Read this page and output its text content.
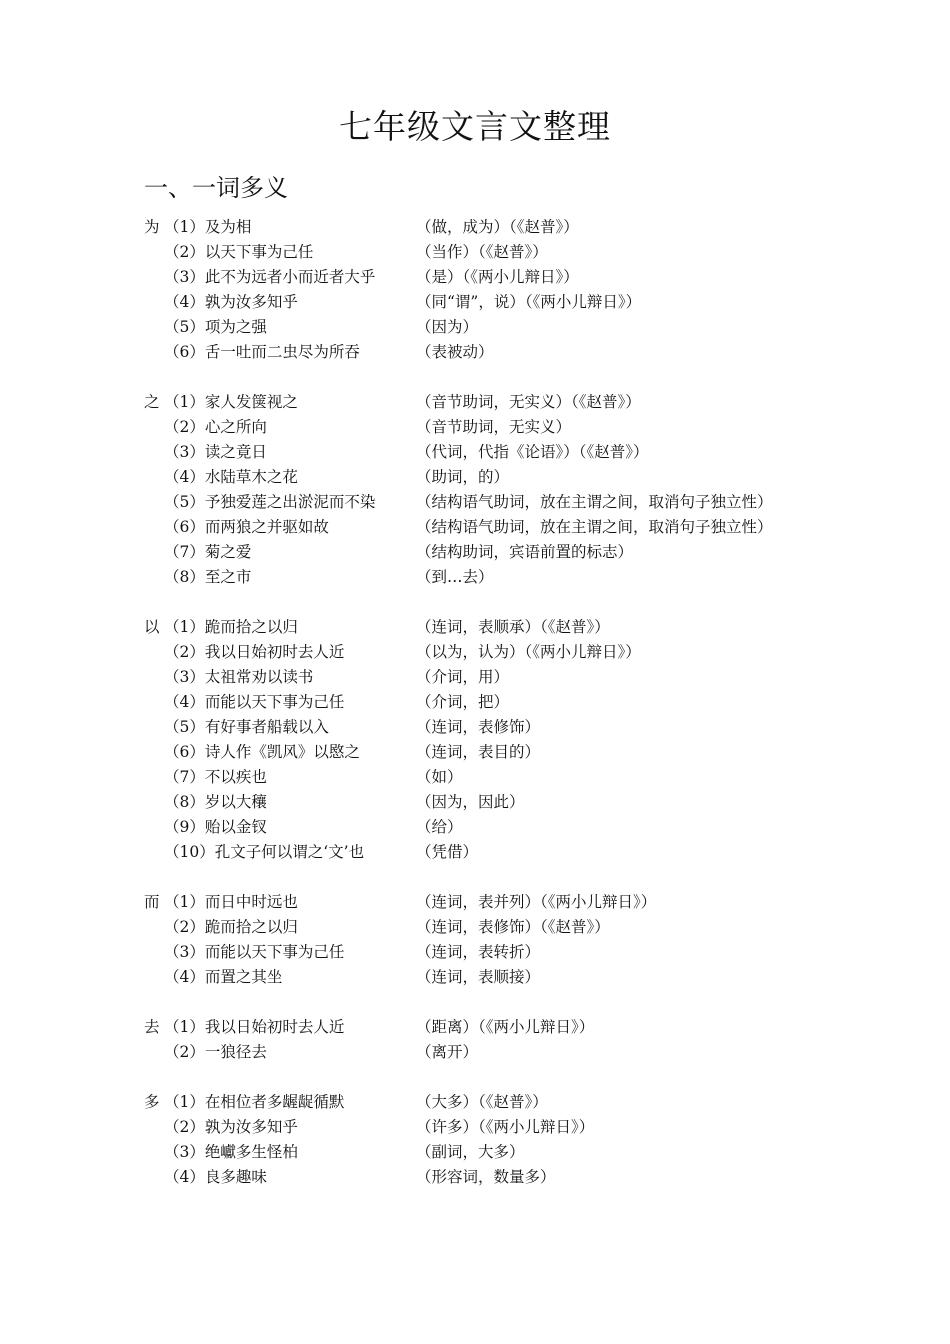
七年级文言文整理
一、一词多义
为 （1）及为相	（做，成为）（《赵普》）
（2）以天下事为己任	（当作）（《赵普》）
（3）此不为远者小而近者大乎	（是）（《两小儿辩日》）
（4）孰为汝多知乎	（同“谓”，说）（《两小儿辩日》）
（5）项为之强	（因为）
（6）舌一吐而二虫尽为所吞	（表被动）
之 （1）家人发箧视之	（音节助词，无实义）（《赵普》）
（2）心之所向	（音节助词，无实义）
（3）读之竟日	（代词，代指《论语》）（《赵普》）
（4）水陆草木之花	（助词，的）
（5）予独爱莲之出淤泥而不染	（结构语气助词，放在主谓之间，取消句子独立性）
（6）而两狼之并驱如故	（结构语气助词，放在主谓之间，取消句子独立性）
（7）菊之爱	（结构助词，宾语前置的标志）
（8）至之市	（到…去）
以 （1）跪而拾之以归	（连词，表顺承）（《赵普》）
（2）我以日始初时去人近	（以为，认为）（《两小儿辩日》）
（3）太祖常劝以读书	（介词，用）
（4）而能以天下事为己任	（介词，把）
（5）有好事者船载以入	（连词，表修饰）
（6）诗人作《凯风》以愍之	（连词，表目的）
（7）不以疾也	（如）
（8）岁以大穰	（因为，因此）
（9）贻以金钗	（给）
（10）孔文子何以谓之‘文’也	（凭借）
而 （1）而日中时远也	（连词，表并列）（《两小儿辩日》）
（2）跪而拾之以归	（连词，表修饰）（《赵普》）
（3）而能以天下事为己任	（连词，表转折）
（4）而置之其坐	（连词，表顺接）
去 （1）我以日始初时去人近	（距离）（《两小儿辩日》）
（2）一狼径去	（离开）
多 （1）在相位者多龌龊循默	（大多）（《赵普》）
（2）孰为汝多知乎	（许多）（《两小儿辩日》）
（3）绝巘多生怪柏	（副词，大多）
（4）良多趣味	（形容词，数量多）
